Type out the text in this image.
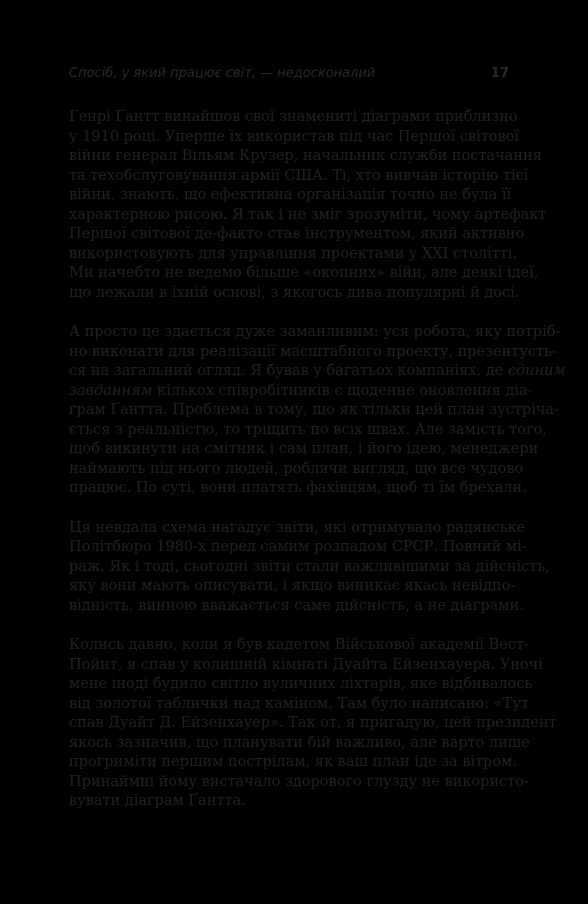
Спосіб, у який працює світ, — недосконалий	17

Генрі Ґантт винайшов свої знамениті діаграми приблизно
у 1910 році. Уперше їх використав під час Першої світової
війни генерал Вільям Крузер, начальник служби постачання
та техобслуговування армії США. Ті, хто вивчав історію тієї
війни, знають, що ефективна організація точно не була її
характерною рисою. Я так і не зміг зрозуміти, чому артефакт
Першої світової де-факто став інструментом, який активно
використовують для управління проектами у XXI столітті.
Ми начебто не ведемо більше «окопних» війн, але деякі ідеї,
що лежали в їхній основі, з якогось дива популярні й досі.

А просто це здається дуже заманливим: уся робота, яку потріб-
но виконати для реалізації масштабного проекту, презентуєть-
ся на загальний огляд. Я бував у багатьох компаніях, де єдиним
завданням кількох співробітників є щоденне оновлення діа-
грам Ґантта. Проблема в тому, що як тільки цей план зустріча-
ється з реальністю, то тріщить по всіх швах. Але замість того,
щоб викинути на смітник і сам план, і його ідею, менеджери
наймають під нього людей, роблячи вигляд, що все чудово
працює. По суті, вони платять фахівцям, щоб ті їм брехали.

Ця невдала схема нагадує звіти, які отримувало радянське
Політбюро 1980-х перед самим розпадом СРСР. Повний мі-
раж. Як і тоді, сьогодні звіти стали важливішими за дійсність,
яку вони мають описувати, і якщо виникає якась невідпо-
відність, винною вважається саме дійсність, а не діаграми.

Колись давно, коли я був кадетом Військової академії Вест-
Пойнт, я спав у колишній кімнаті Дуайта Ейзенхауера. Уночі
мене іноді будило світло вуличних ліхтарів, яке відбивалось
від золотої таблички над каміном. Там було написано: «Тут
спав Дуайт Д. Ейзенхауер». Так от, я пригадую, цей президент
якось зазначив, що планувати бій важливо, але варто лише
прогриміти першим пострілам, як ваш план іде за вітром.
Принаймні йому вистачало здорового глузду не використо-
вувати діаграм Ґантта.
